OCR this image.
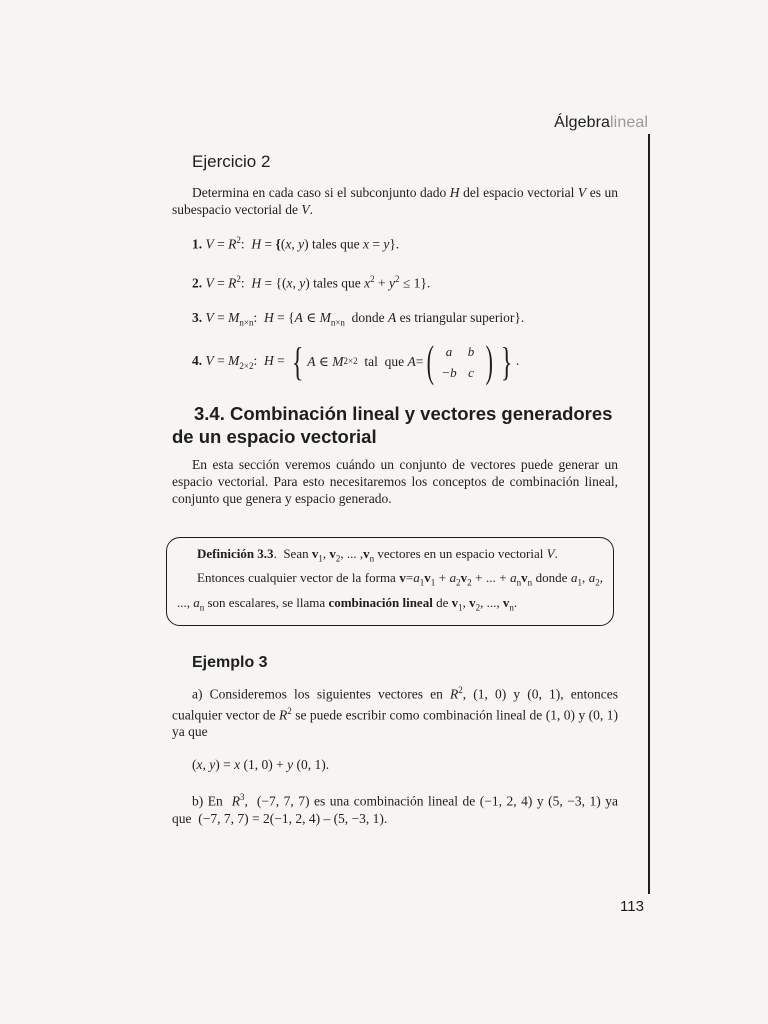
Álgebralineal
Ejercicio 2

Determina en cada caso si el subconjunto dado H del espacio vectorial V es un subespacio vectorial de V.

1. $V = R^2$:  H = {(x, y) tales que x = y}.
2. $V = R^2$:  H = {(x, y) tales que $x^2 + y^2 \le 1$}.
3. $V = M_{n\times n}$:  H = {A ∈ $M_{n\times n}$  donde A es triangular superior}.
4. $V = M_{2\times 2}$:  H = { A ∈ M 2×2 tal  que A = ( a	b
−b c ) } .
3.4. Combinación lineal y vectores generadores
de un espacio vectorial

En esta sección veremos cuándo un conjunto de vectores puede generar un espacio vectorial. Para esto necesitaremos los conceptos de combinación lineal, conjunto que genera y espacio generado.

Definición 3.3.  Sean $v_1$, $v_2$, ... $,v_n$ vectores en un espacio vectorial V.

Entonces cualquier vector de la forma $v=a_1v_1 + a_2v_2$ + ... + $a_nv_n$ donde $a_1$, $a_2$, ..., $a_n$ son escalares, se llama combinación lineal de $v_1$, $v_2$, ..., $v_n$.

Ejemplo 3

a) Consideremos los siguientes vectores en $R^2$, (1, 0) y (0, 1), entonces cualquier vector de $R^2$ se puede escribir como combinación lineal de (1, 0) y (0, 1) ya que

(x, y) = x (1, 0) + y (0, 1).

b) En  $R^3$,  (−7, 7, 7) es una combinación lineal de (−1, 2, 4) y (5, −3, 1) ya que  (−7, 7, 7) = 2(−1, 2, 4) – (5, −3, 1).

113
